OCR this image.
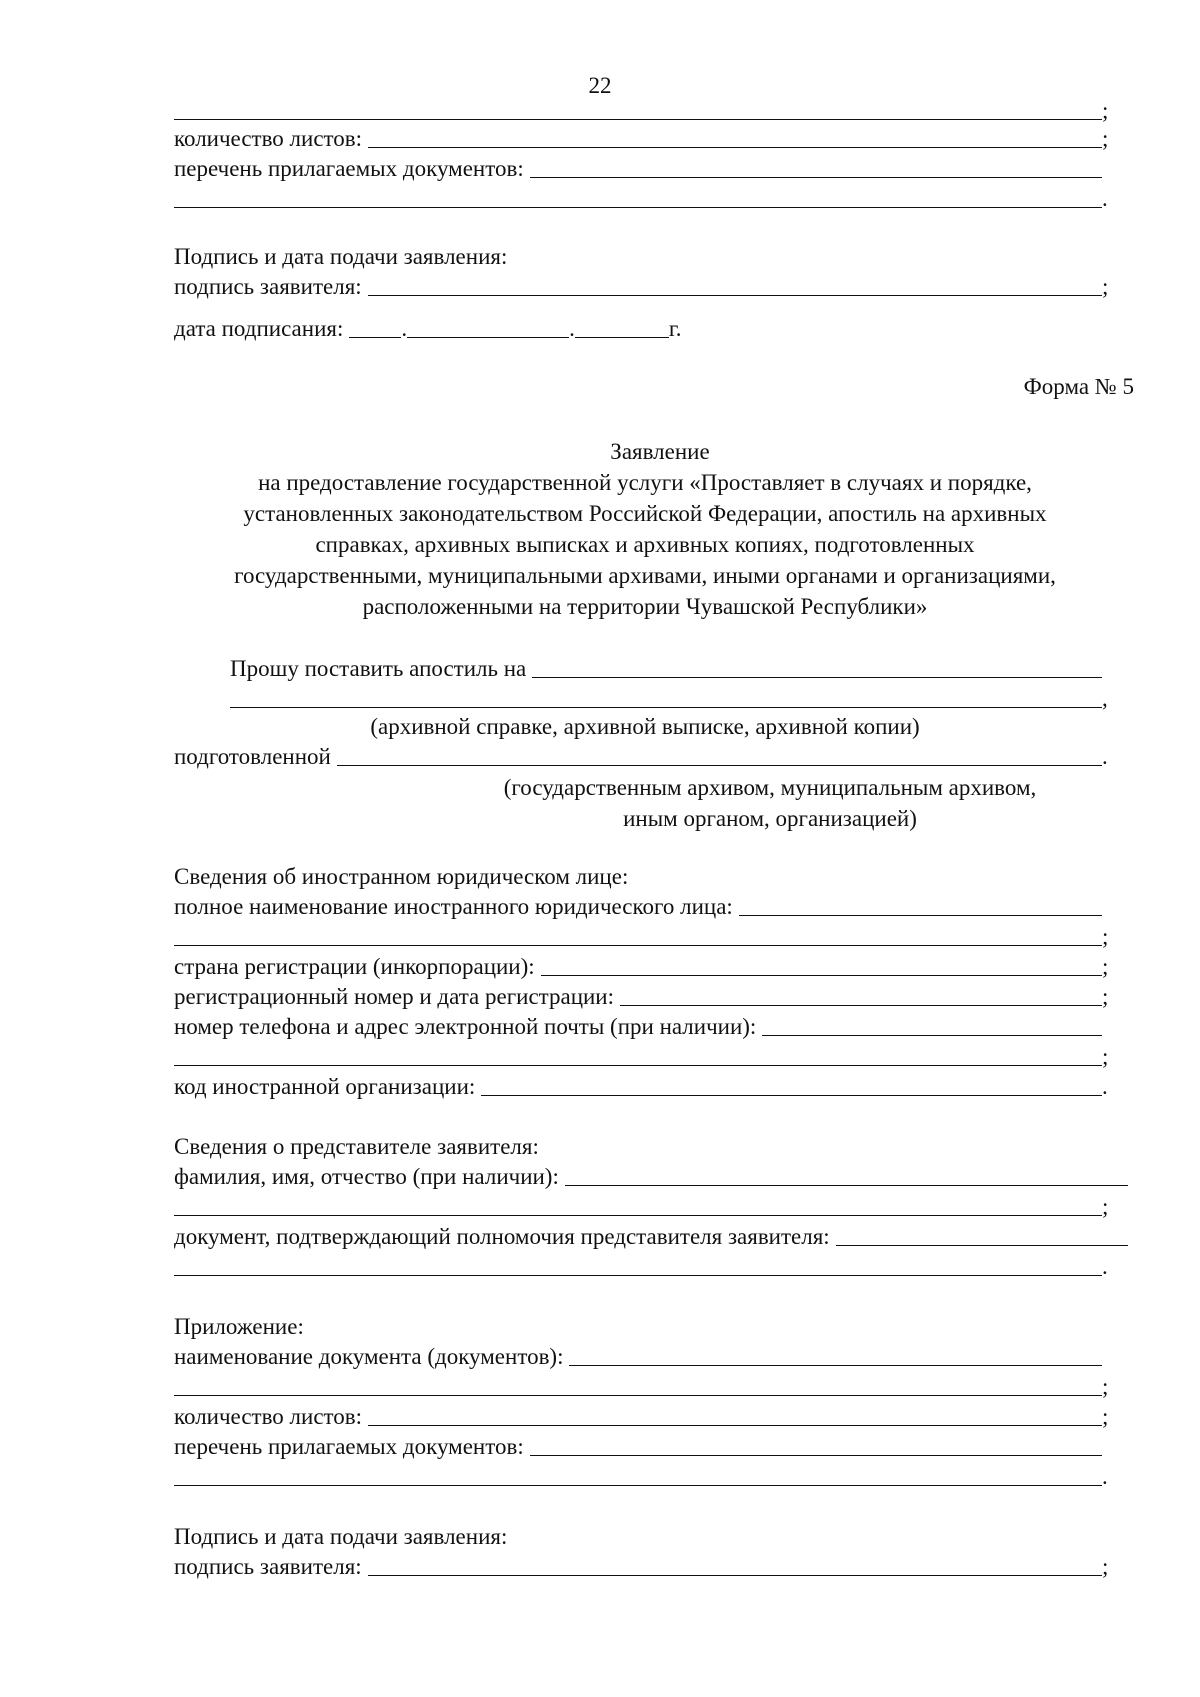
22
;
количество листов:	;
перечень прилагаемых документов:
.
Подпись и дата подачи заявления:
подпись заявителя:	;
дата подписания:	.	.	г.
Форма № 5
Заявление
на предоставление государственной услуги «Проставляет в случаях и порядке,
установленных законодательством Российской Федерации, апостиль на архивных
справках, архивных выписках и архивных копиях, подготовленных
государственными, муниципальными архивами, иными органами и организациями,
расположенными на территории Чувашской Республики»
Прошу поставить апостиль на
,
(архивной справке, архивной выписке, архивной копии)
подготовленной	.
(государственным архивом, муниципальным архивом,
иным органом, организацией)
Сведения об иностранном юридическом лице:
полное наименование иностранного юридического лица:
;
страна регистрации (инкорпорации):	;
регистрационный номер и дата регистрации:	;
номер телефона и адрес электронной почты (при наличии):
;
код иностранной организации:	.
Сведения о представителе заявителя:
фамилия, имя, отчество (при наличии):
;
документ, подтверждающий полномочия представителя заявителя:
.
Приложение:
наименование документа (документов):
;
количество листов:	;
перечень прилагаемых документов:
.
Подпись и дата подачи заявления:
подпись заявителя:	;
